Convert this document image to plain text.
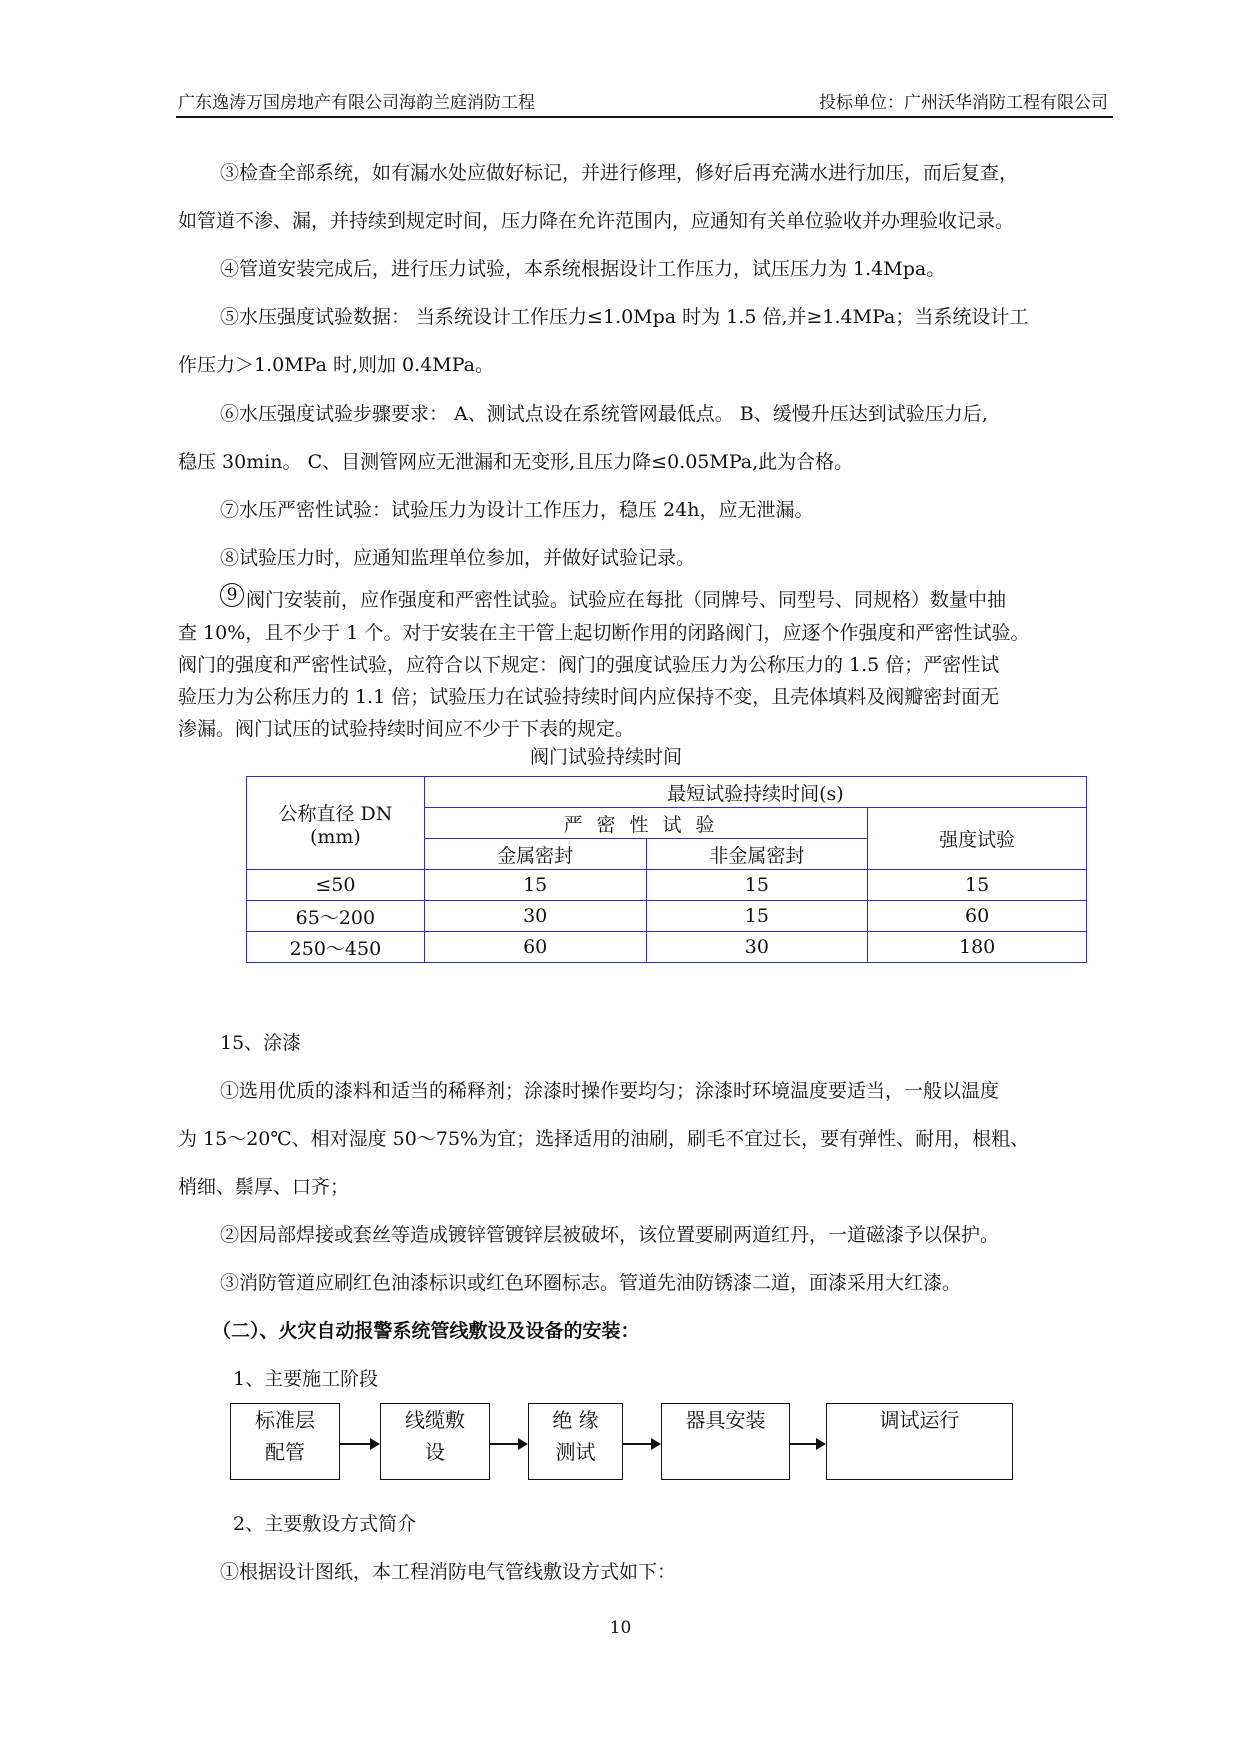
广东逸涛万国房地产有限公司海韵兰庭消防工程	投标单位：广州沃华消防工程有限公司
③检查全部系统，如有漏水处应做好标记，并进行修理，修好后再充满水进行加压，而后复查，
如管道不渗、漏，并持续到规定时间，压力降在允许范围内，应通知有关单位验收并办理验收记录。
④管道安装完成后，进行压力试验，本系统根据设计工作压力，试压压力为 1.4Mpa。
⑤水压强度试验数据： 当系统设计工作压力≤1.0Mpa 时为 1.5 倍,并≥1.4MPa；当系统设计工
作压力＞1.0MPa 时,则加 0.4MPa。
⑥水压强度试验步骤要求： A、测试点设在系统管网最低点。 B、缓慢升压达到试验压力后,
稳压 30min。 C、目测管网应无泄漏和无变形,且压力降≤0.05MPa,此为合格。
⑦水压严密性试验：试验压力为设计工作压力，稳压 24h，应无泄漏。
⑧试验压力时，应通知监理单位参加，并做好试验记录。
9 阀门安装前，应作强度和严密性试验。试验应在每批（同牌号、同型号、同规格）数量中抽
查 10%，且不少于 1 个。对于安装在主干管上起切断作用的闭路阀门，应逐个作强度和严密性试验。
阀门的强度和严密性试验，应符合以下规定：阀门的强度试验压力为公称压力的 1.5 倍；严密性试
验压力为公称压力的 1.1 倍；试验压力在试验持续时间内应保持不变，且壳体填料及阀瓣密封面无
渗漏。阀门试压的试验持续时间应不少于下表的规定。
阀门试验持续时间
公称直径 DN
(mm)	最短试验持续时间(s)		
	严密性试验		强度试验
	金属密封	非金属密封	
≤50	15	15	15
65～200	30	15	60
250～450	60	30	180
15、涂漆
①选用优质的漆料和适当的稀释剂；涂漆时操作要均匀；涂漆时环境温度要适当，一般以温度
为 15～20℃、相对湿度 50～75%为宜；选择适用的油刷，刷毛不宜过长，要有弹性、耐用，根粗、
梢细、鬃厚、口齐；
②因局部焊接或套丝等造成镀锌管镀锌层被破坏，该位置要刷两道红丹，一道磁漆予以保护。
③消防管道应刷红色油漆标识或红色环圈标志。管道先油防锈漆二道，面漆采用大红漆。
（二）、火灾自动报警系统管线敷设及设备的安装：
1、主要施工阶段
标准层
配管
线缆敷
设
绝 缘
测试
器具安装	调试运行
2、主要敷设方式简介
①根据设计图纸，本工程消防电气管线敷设方式如下：
10
